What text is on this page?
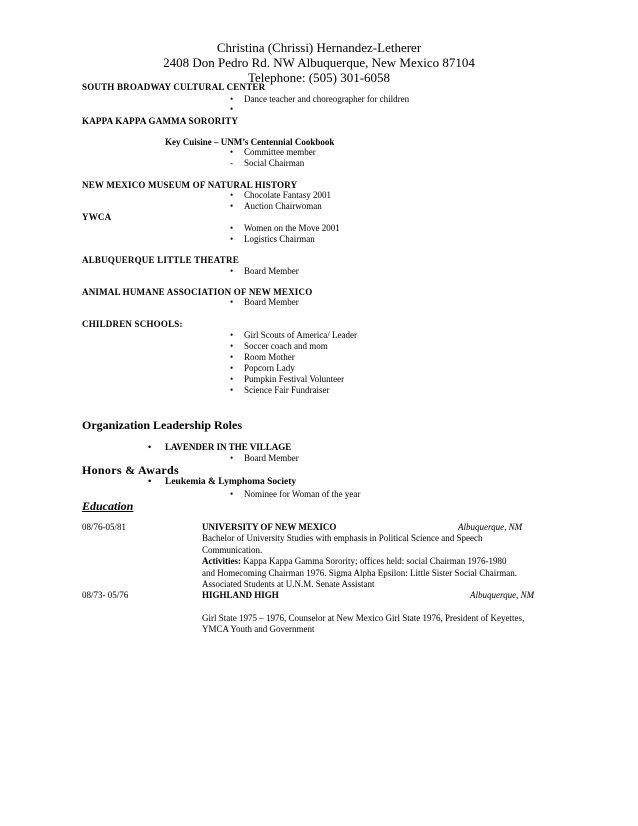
Christina (Chrissi) Hernandez-Letherer
2408 Don Pedro Rd. NW Albuquerque, New Mexico 87104
Telephone: (505) 301-6058
SOUTH BROADWAY CULTURAL CENTER
• Dance teacher and choreographer for children
•
KAPPA KAPPA GAMMA SORORITY
Key Cuisine – UNM’s Centennial Cookbook
• Committee member
- Social Chairman
NEW MEXICO MUSEUM OF NATURAL HISTORY
• Chocolate Fantasy 2001
• Auction Chairwoman
YWCA
• Women on the Move 2001
• Logistics Chairman
ALBUQUERQUE LITTLE THEATRE
• Board Member
ANIMAL HUMANE ASSOCIATION OF NEW MEXICO
• Board Member
CHILDREN SCHOOLS:
• Girl Scouts of America/ Leader
• Soccer coach and mom
• Room Mother
• Popcorn Lady
• Pumpkin Festival Volunteer
• Science Fair Fundraiser
Organization Leadership Roles
• LAVENDER IN THE VILLAGE
• Board Member
Honors & Awards
• Leukemia & Lymphoma Society
• Nominee for Woman of the year
Education
08/76-05/81	UNIVERSITY OF NEW MEXICO	Albuquerque, NM
Bachelor of University Studies with emphasis in Political Science and Speech
Communication.
Activities: Kappa Kappa Gamma Sorority; offices held: social Chairman 1976-1980
and Homecoming Chairman 1976. Sigma Alpha Epsilon: Little Sister Social Chairman.
Associated Students at U.N.M. Senate Assistant
08/73- 05/76	HIGHLAND HIGH	Albuquerque, NM
Girl State 1975 – 1976, Counselor at New Mexico Girl State 1976, President of Keyettes,
YMCA Youth and Government
